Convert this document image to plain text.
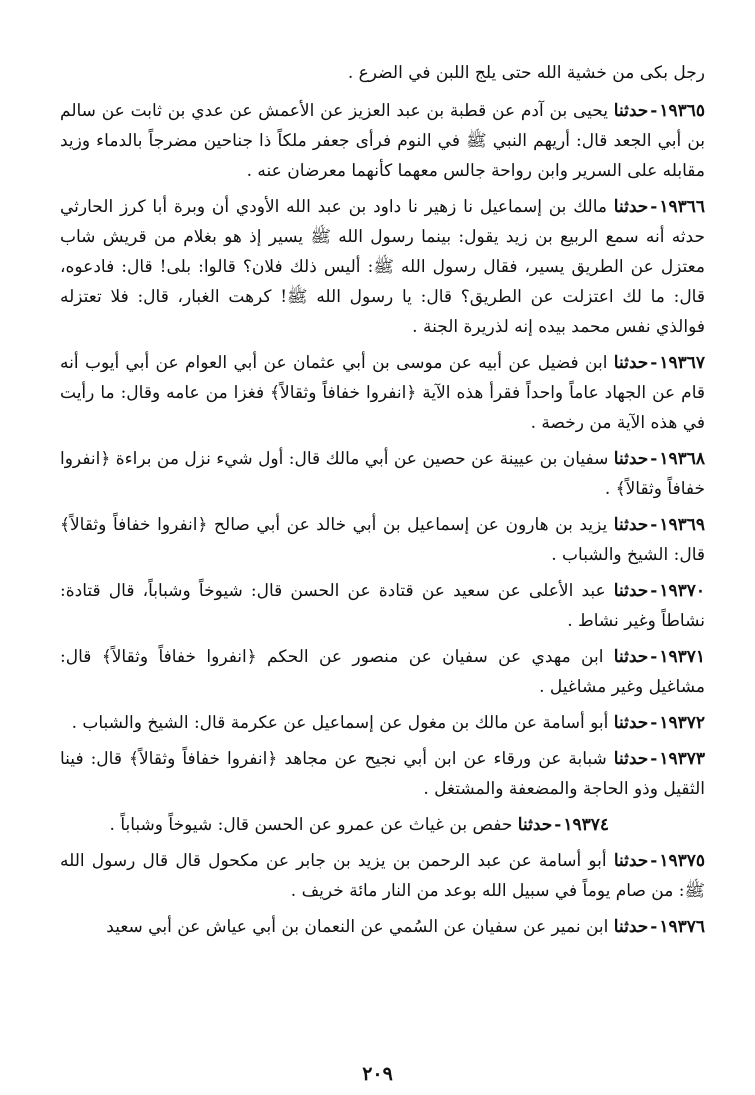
رجل بكى من خشية الله حتى يلج اللبن في الضرع .

١٩٣٦٥-حدثنا يحيى بن آدم عن قطبة بن عبد العزيز عن الأعمش عن عدي بن ثابت عن سالم بن أبي الجعد قال: أريهم النبي ﷺ في النوم فرأى جعفر ملكاً ذا جناحين مضرجاً بالدماء وزيد مقابله على السرير وابن رواحة جالس معهما كأنهما معرضان عنه .

١٩٣٦٦-حدثنا مالك بن إسماعيل نا زهير نا داود بن عبد الله الأودي أن وبرة أبا كرز الحارثي حدثه أنه سمع الربيع بن زيد يقول: بينما رسول الله ﷺ يسير إذ هو بغلام من قريش شاب معتزل عن الطريق يسير، فقال رسول الله ﷺ: أليس ذلك فلان؟ قالوا: بلى! قال: فادعوه، قال: ما لك اعتزلت عن الطريق؟ قال: يا رسول الله ﷺ! كرهت الغبار، قال: فلا تعتزله فوالذي نفس محمد بيده إنه لذريرة الجنة .

١٩٣٦٧-حدثنا ابن فضيل عن أبيه عن موسى بن أبي عثمان عن أبي العوام عن أبي أيوب أنه قام عن الجهاد عاماً واحداً فقرأ هذه الآية ﴿انفروا خفافاً وثقالاً﴾ فغزا من عامه وقال: ما رأيت في هذه الآية من رخصة .

١٩٣٦٨-حدثنا سفيان بن عيينة عن حصين عن أبي مالك قال: أول شيء نزل من براءة ﴿انفروا خفافاً وثقالاً﴾ .

١٩٣٦٩-حدثنا يزيد بن هارون عن إسماعيل بن أبي خالد عن أبي صالح ﴿انفروا خفافاً وثقالاً﴾ قال: الشيخ والشباب .

١٩٣٧٠-حدثنا عبد الأعلى عن سعيد عن قتادة عن الحسن قال: شيوخاً وشباباً، قال قتادة: نشاطاً وغير نشاط .

١٩٣٧١-حدثنا ابن مهدي عن سفيان عن منصور عن الحكم ﴿انفروا خفافاً وثقالاً﴾ قال: مشاغيل وغير مشاغيل .

١٩٣٧٢-حدثنا أبو أسامة عن مالك بن مغول عن إسماعيل عن عكرمة قال: الشيخ والشباب .

١٩٣٧٣-حدثنا شبابة عن ورقاء عن ابن أبي نجيح عن مجاهد ﴿انفروا خفافاً وثقالاً﴾ قال: فينا الثقيل وذو الحاجة والمضعفة والمشتغل .

١٩٣٧٤-حدثنا حفص بن غياث عن عمرو عن الحسن قال: شيوخاً وشباباً .

١٩٣٧٥-حدثنا أبو أسامة عن عبد الرحمن بن يزيد بن جابر عن مكحول قال قال رسول الله ﷺ: من صام يوماً في سبيل الله بوعد من النار مائة خريف .

١٩٣٧٦-حدثنا ابن نمير عن سفيان عن السُمي عن النعمان بن أبي عياش عن أبي سعيد

٢٠٩
